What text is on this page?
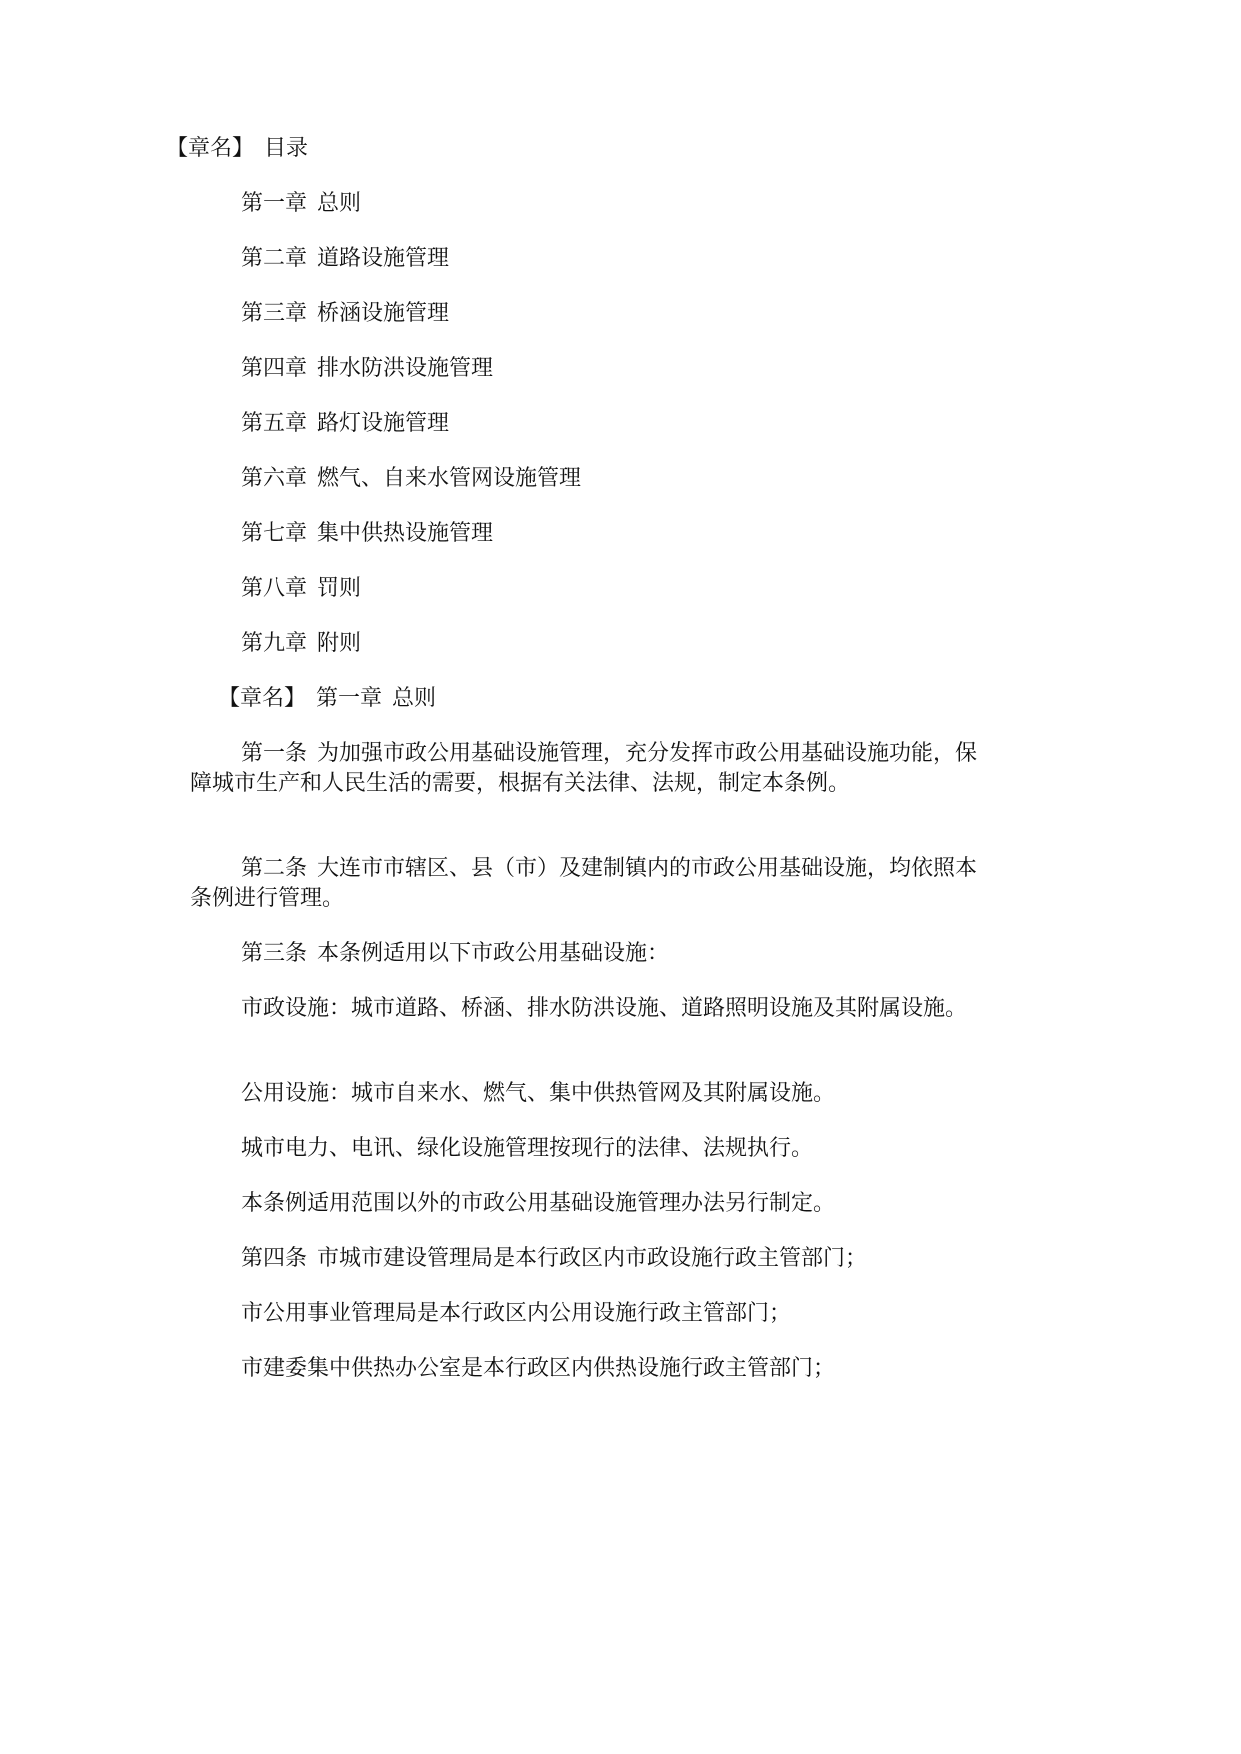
【章名】 目录
第一章 总则
第二章 道路设施管理
第三章 桥涵设施管理
第四章 排水防洪设施管理
第五章 路灯设施管理
第六章 燃气、自来水管网设施管理
第七章 集中供热设施管理
第八章 罚则
第九章 附则
【章名】 第一章 总则
第一条 为加强市政公用基础设施管理，充分发挥市政公用基础设施功能，保障城市生产和人民生活的需要，根据有关法律、法规，制定本条例。
第二条 大连市市辖区、县（市）及建制镇内的市政公用基础设施，均依照本条例进行管理。
第三条 本条例适用以下市政公用基础设施：
市政设施：城市道路、桥涵、排水防洪设施、道路照明设施及其附属设施。
公用设施：城市自来水、燃气、集中供热管网及其附属设施。
城市电力、电讯、绿化设施管理按现行的法律、法规执行。
本条例适用范围以外的市政公用基础设施管理办法另行制定。
第四条 市城市建设管理局是本行政区内市政设施行政主管部门；
市公用事业管理局是本行政区内公用设施行政主管部门；
市建委集中供热办公室是本行政区内供热设施行政主管部门；
